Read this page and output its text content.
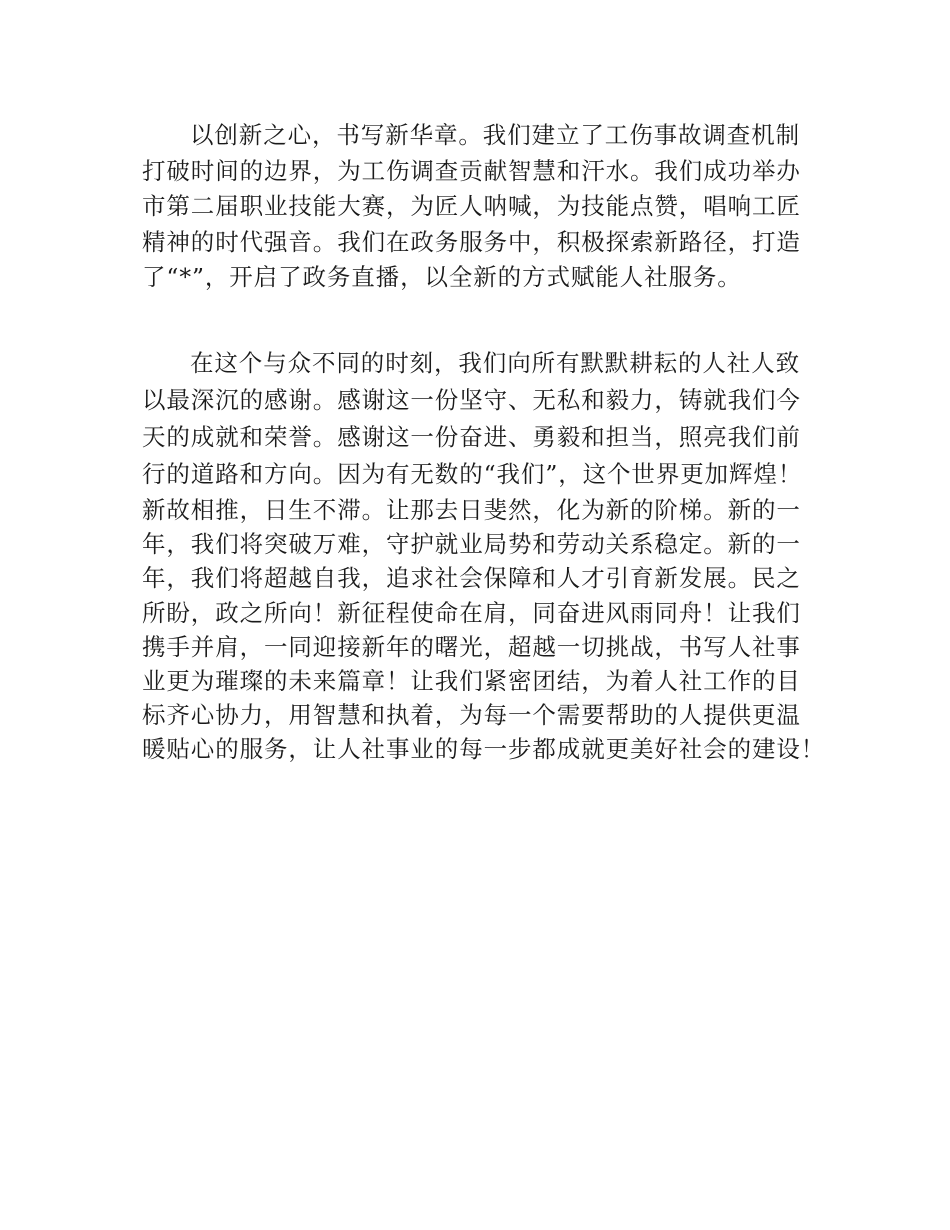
以创新之心，书写新华章。我们建立了工伤事故调查机制
打破时间的边界，为工伤调查贡献智慧和汗水。我们成功举办
市第二届职业技能大赛，为匠人呐喊，为技能点赞，唱响工匠
精神的时代强音。我们在政务服务中，积极探索新路径，打造
了“*”，开启了政务直播，以全新的方式赋能人社服务。
在这个与众不同的时刻，我们向所有默默耕耘的人社人致
以最深沉的感谢。感谢这一份坚守、无私和毅力，铸就我们今
天的成就和荣誉。感谢这一份奋进、勇毅和担当，照亮我们前
行的道路和方向。因为有无数的“我们”，这个世界更加辉煌！
新故相推，日生不滞。让那去日斐然，化为新的阶梯。新的一
年，我们将突破万难，守护就业局势和劳动关系稳定。新的一
年，我们将超越自我，追求社会保障和人才引育新发展。民之
所盼，政之所向！新征程使命在肩，同奋进风雨同舟！让我们
携手并肩，一同迎接新年的曙光，超越一切挑战，书写人社事
业更为璀璨的未来篇章！让我们紧密团结，为着人社工作的目
标齐心协力，用智慧和执着，为每一个需要帮助的人提供更温
暖贴心的服务，让人社事业的每一步都成就更美好社会的建设！
